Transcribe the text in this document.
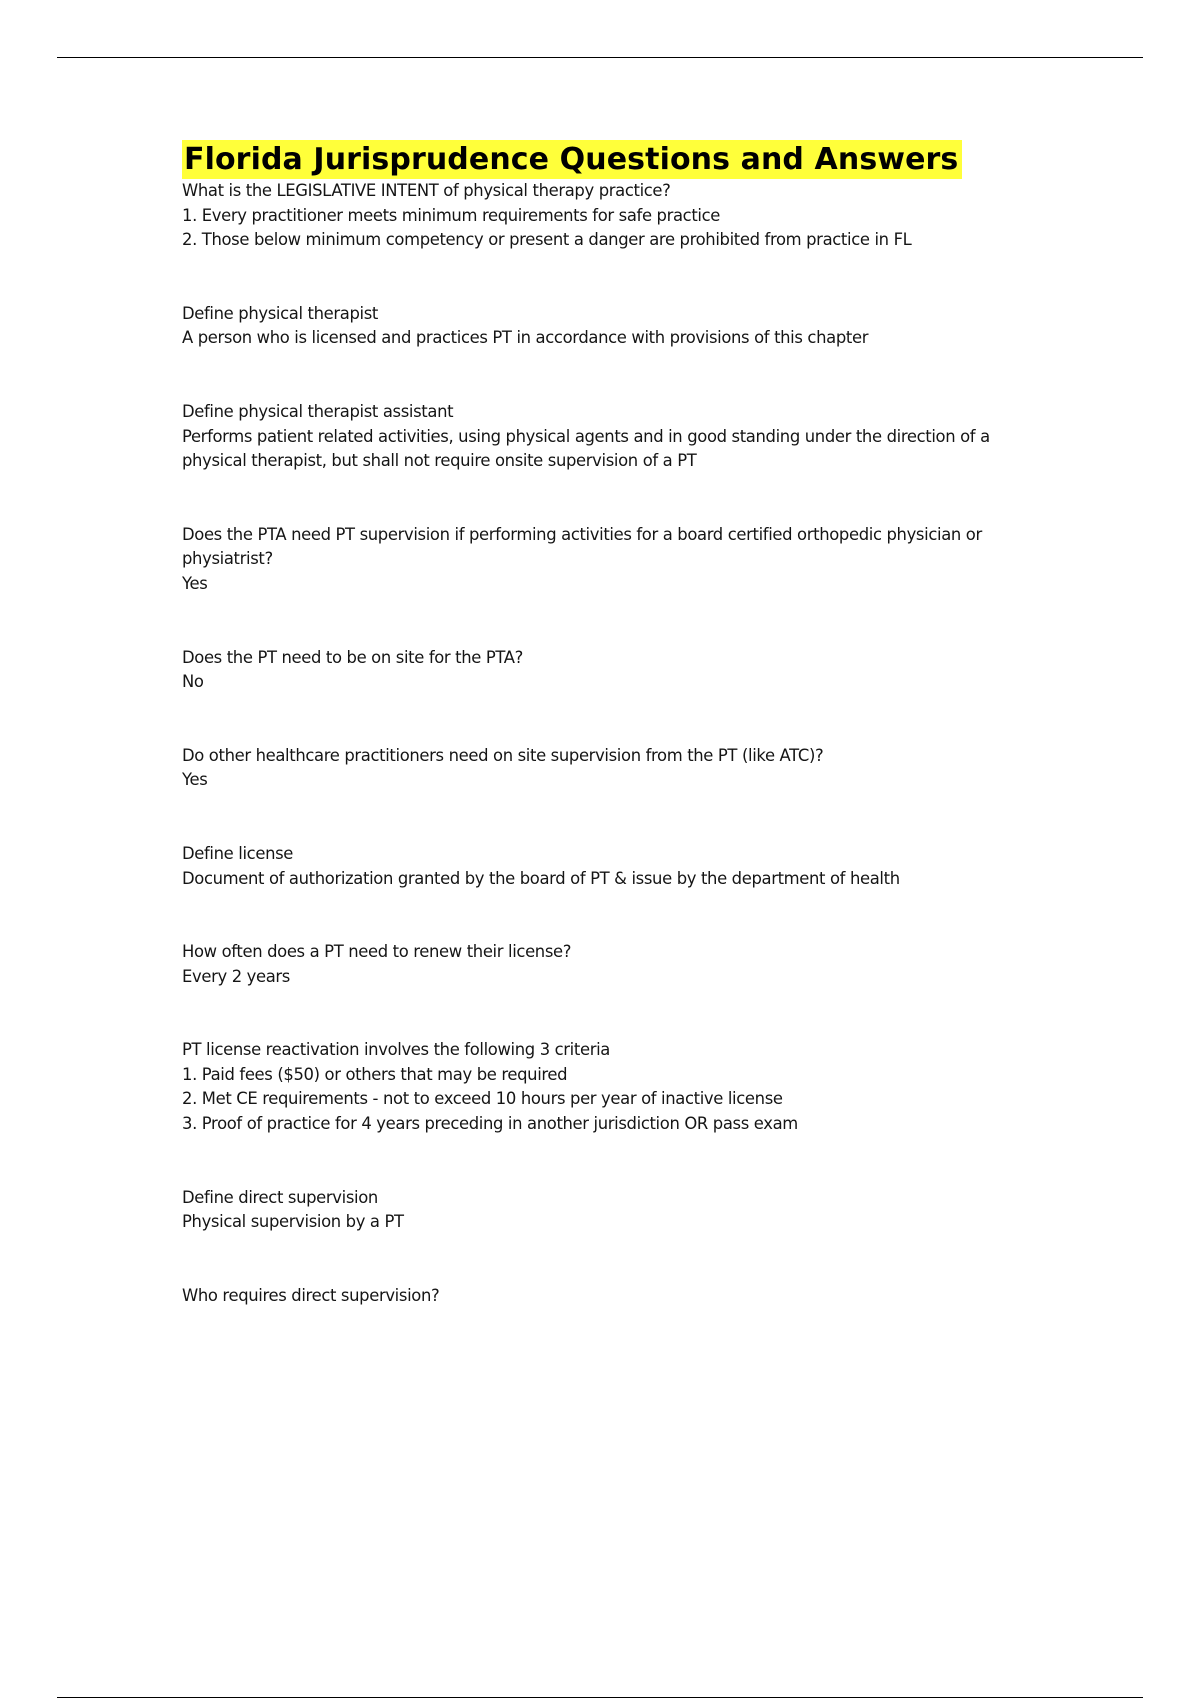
Florida Jurisprudence Questions and Answers
What is the LEGISLATIVE INTENT of physical therapy practice?
1. Every practitioner meets minimum requirements for safe practice
2. Those below minimum competency or present a danger are prohibited from practice in FL
Define physical therapist
A person who is licensed and practices PT in accordance with provisions of this chapter
Define physical therapist assistant
Performs patient related activities, using physical agents and in good standing under the direction of a physical therapist, but shall not require onsite supervision of a PT
Does the PTA need PT supervision if performing activities for a board certified orthopedic physician or physiatrist?
Yes
Does the PT need to be on site for the PTA?
No
Do other healthcare practitioners need on site supervision from the PT (like ATC)?
Yes
Define license
Document of authorization granted by the board of PT & issue by the department of health
How often does a PT need to renew their license?
Every 2 years
PT license reactivation involves the following 3 criteria
1. Paid fees ($50) or others that may be required
2. Met CE requirements - not to exceed 10 hours per year of inactive license
3. Proof of practice for 4 years preceding in another jurisdiction OR pass exam
Define direct supervision
Physical supervision by a PT
Who requires direct supervision?
